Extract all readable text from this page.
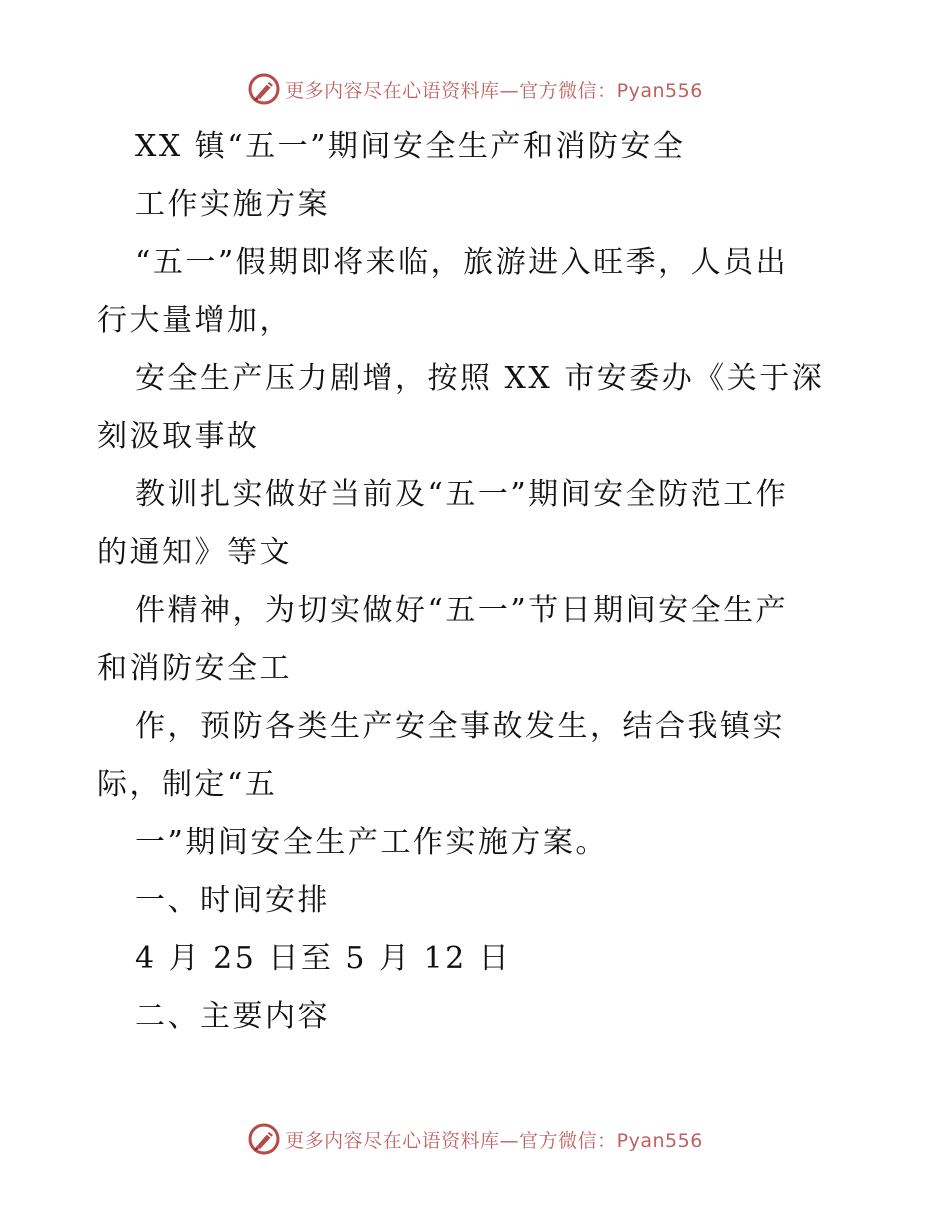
更多内容尽在心语资料库—官方微信：Pyan556
XX 镇“五一”期间安全生产和消防安全
工作实施方案
“五一”假期即将来临，旅游进入旺季，人员出
行大量增加，
安全生产压力剧增，按照 XX 市安委办《关于深
刻汲取事故
教训扎实做好当前及“五一”期间安全防范工作
的通知》等文
件精神，为切实做好“五一”节日期间安全生产
和消防安全工
作，预防各类生产安全事故发生，结合我镇实
际，制定“五
一”期间安全生产工作实施方案。
一、时间安排
4 月 25 日至 5 月 12 日
二、主要内容
更多内容尽在心语资料库—官方微信：Pyan556
